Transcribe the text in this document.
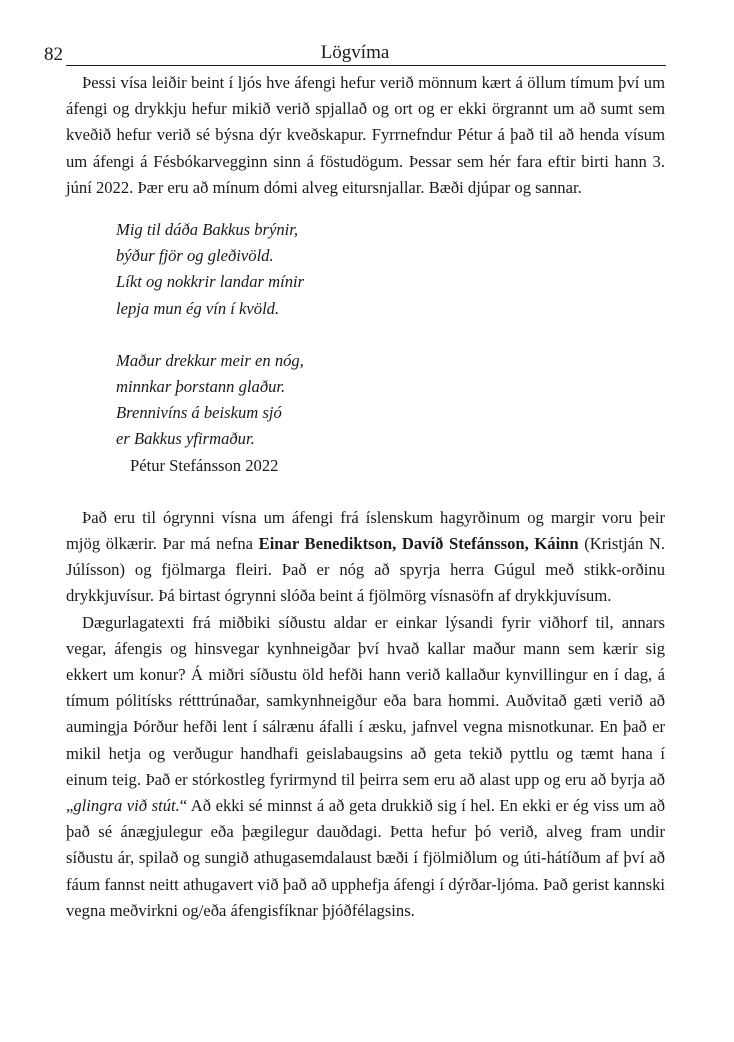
82	Lögvíma

Þessi vísa leiðir beint í ljós hve áfengi hefur verið mönnum kært á öllum tímum því um áfengi og drykkju hefur mikið verið spjallað og ort og er ekki örgrannt um að sumt sem kveðið hefur verið sé býsna dýr kveðskapur. Fyrrnefndur Pétur á það til að henda vísum um áfengi á Fésbókarvegginn sinn á föstudögum. Þessar sem hér fara eftir birti hann 3. júní 2022. Þær eru að mínum dómi alveg eitursnjallar. Bæði djúpar og sannar.

Mig til dáða Bakkus brýnir,
býður fjör og gleðivöld.
Líkt og nokkrir landar mínir
lepja mun ég vín í kvöld.
Maður drekkur meir en nóg,
minnkar þorstann glaður.
Brennivíns á beiskum sjó
er Bakkus yfirmaður.
Pétur Stefánsson 2022

Það eru til ógrynni vísna um áfengi frá íslenskum hagyrðinum og margir voru þeir mjög ölkærir. Þar má nefna Einar Benediktson, Davíð Stefánsson, Káinn (Kristján N. Júlísson) og fjölmarga fleiri. Það er nóg að spyrja herra Gúgul með stikk-orðinu drykkjuvísur. Þá birtast ógrynni slóða beint á fjölmörg vísnasöfn af drykkjuvísum.

Dægurlagatexti frá miðbiki síðustu aldar er einkar lýsandi fyrir viðhorf til, annars vegar, áfengis og hinsvegar kynhneigðar því hvað kallar maður mann sem kærir sig ekkert um konur? Á miðri síðustu öld hefði hann verið kallaður kynvillingur en í dag, á tímum pólitísks rétttrúnaðar, samkynhneigður eða bara hommi. Auðvitað gæti verið að aumingja Þórður hefði lent í sálrænu áfalli í æsku, jafnvel vegna misnotkunar. En það er mikil hetja og verðugur handhafi geislabaugsins að geta tekið pyttlu og tæmt hana í einum teig. Það er stórkostleg fyrirmynd til þeirra sem eru að alast upp og eru að byrja að „glingra við stút.“ Að ekki sé minnst á að geta drukkið sig í hel. En ekki er ég viss um að það sé ánægjulegur eða þægilegur dauðdagi. Þetta hefur þó verið, alveg fram undir síðustu ár, spilað og sungið athugasemdalaust bæði í fjölmiðlum og úti-hátíðum af því að fáum fannst neitt athugavert við það að upphefja áfengi í dýrðar-ljóma. Það gerist kannski vegna meðvirkni og/eða áfengisfíknar þjóðfélagsins.
